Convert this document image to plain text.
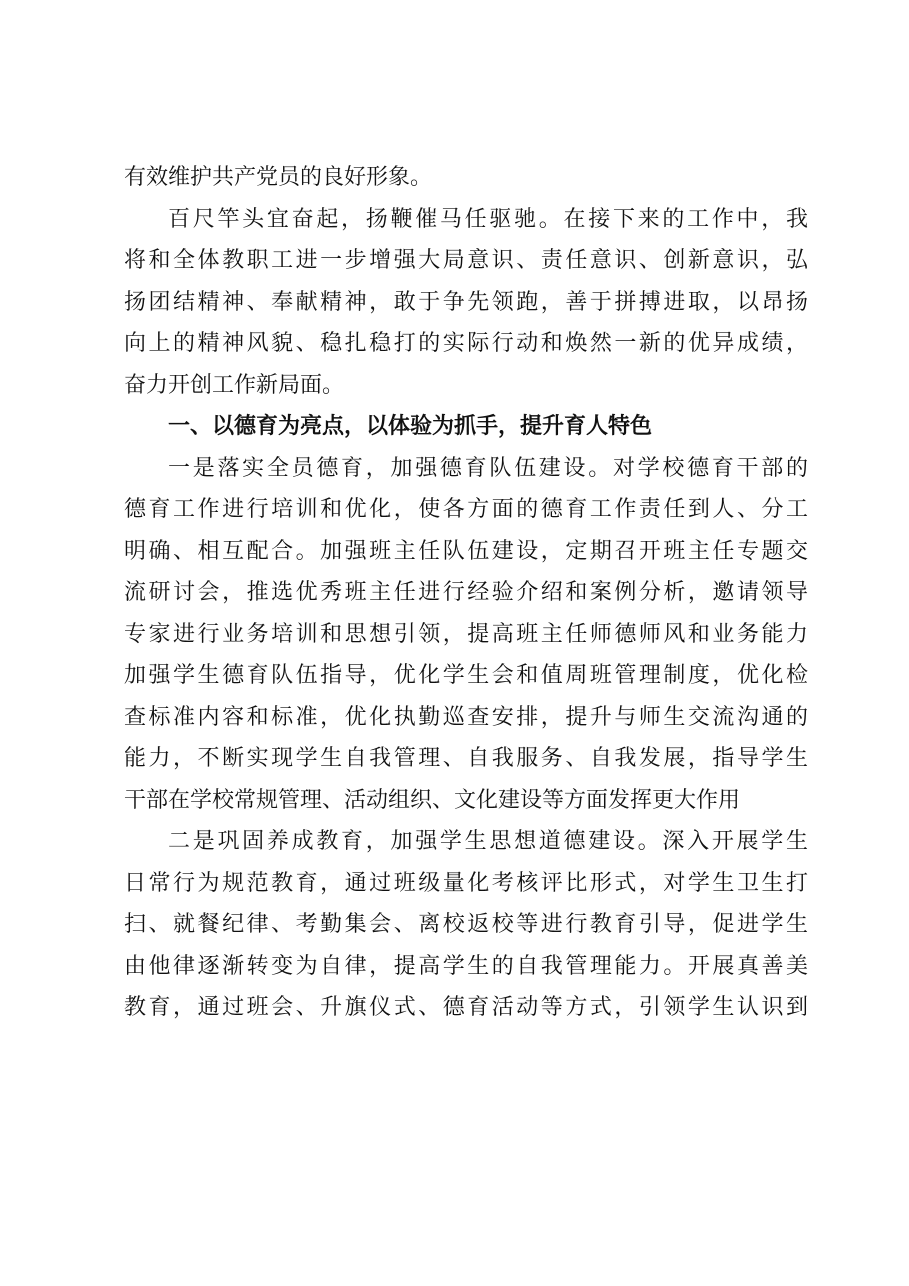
有效维护共产党员的良好形象。
百尺竿头宜奋起，扬鞭催马任驱驰。在接下来的工作中，我
将和全体教职工进一步增强大局意识、责任意识、创新意识，弘
扬团结精神、奉献精神，敢于争先领跑，善于拼搏进取，以昂扬
向上的精神风貌、稳扎稳打的实际行动和焕然一新的优异成绩，
奋力开创工作新局面。
一、以德育为亮点，以体验为抓手，提升育人特色
一是落实全员德育，加强德育队伍建设。对学校德育干部的
德育工作进行培训和优化，使各方面的德育工作责任到人、分工
明确、相互配合。加强班主任队伍建设，定期召开班主任专题交
流研讨会，推选优秀班主任进行经验介绍和案例分析，邀请领导
专家进行业务培训和思想引领，提高班主任师德师风和业务能力
加强学生德育队伍指导，优化学生会和值周班管理制度，优化检
查标准内容和标准，优化执勤巡查安排，提升与师生交流沟通的
能力，不断实现学生自我管理、自我服务、自我发展，指导学生
干部在学校常规管理、活动组织、文化建设等方面发挥更大作用
二是巩固养成教育，加强学生思想道德建设。深入开展学生
日常行为规范教育，通过班级量化考核评比形式，对学生卫生打
扫、就餐纪律、考勤集会、离校返校等进行教育引导，促进学生
由他律逐渐转变为自律，提高学生的自我管理能力。开展真善美
教育，通过班会、升旗仪式、德育活动等方式，引领学生认识到
